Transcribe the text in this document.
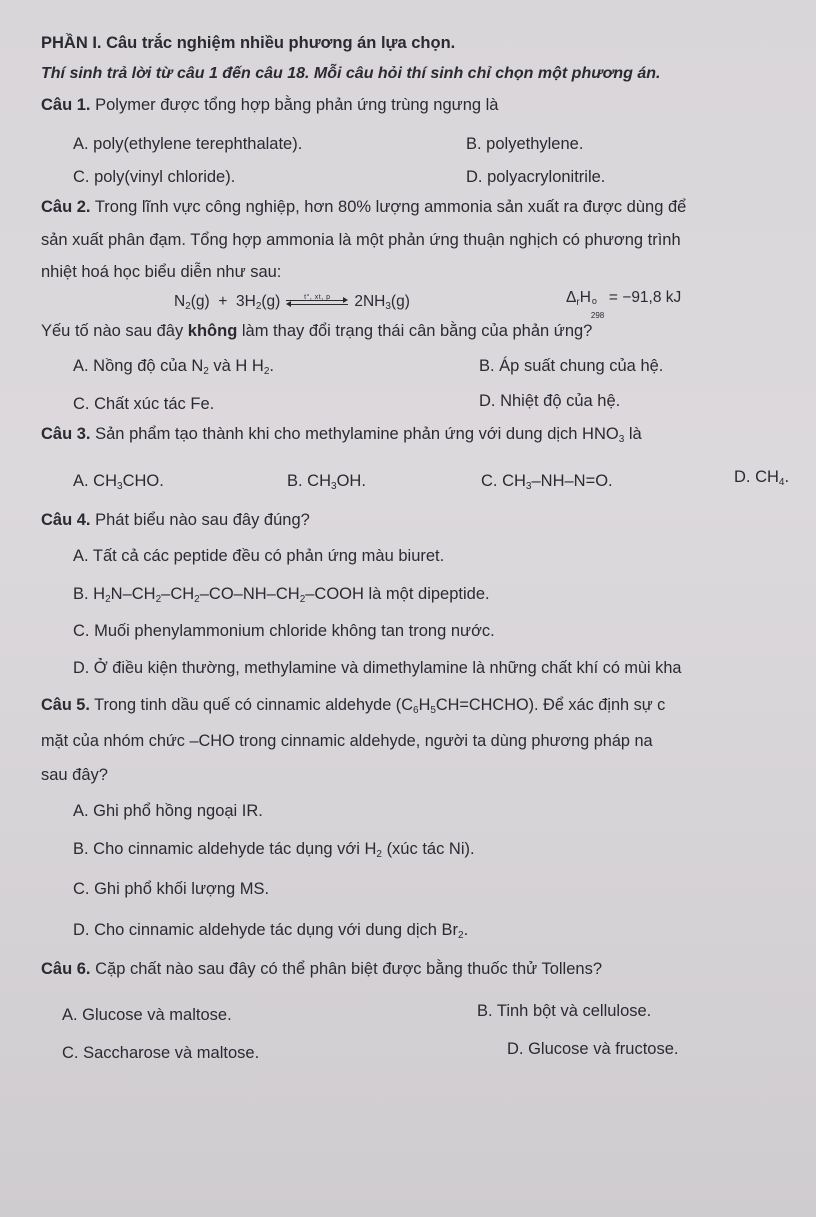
PHẦN I. Câu trắc nghiệm nhiều phương án lựa chọn.
Thí sinh trả lời từ câu 1 đến câu 18. Mỗi câu hỏi thí sinh chỉ chọn một phương án.
Câu 1. Polymer được tổng hợp bằng phản ứng trùng ngưng là
A. poly(ethylene terephthalate).	B. polyethylene.
C. poly(vinyl chloride).	D. polyacrylonitrile.
Câu 2. Trong lĩnh vực công nghiệp, hơn 80% lượng ammonia sản xuất ra được dùng để
sản xuất phân đạm. Tổng hợp ammonia là một phản ứng thuận nghịch có phương trình
nhiệt hoá học biểu diễn như sau:
$N_2(g) + 3H_2(g)$	t°, xt, p	$2NH_3(g)$	$\Delta_rH$ o
298
= −91,8 kJ
Yếu tố nào sau đây không làm thay đổi trạng thái cân bằng của phản ứng?
A. Nồng độ của $N_2$ và H $H_2$.	B. Áp suất chung của hệ.
C. Chất xúc tác Fe.	D. Nhiệt độ của hệ.
Câu 3. Sản phẩm tạo thành khi cho methylamine phản ứng với dung dịch $HNO_3$ là
A. $CH_3CHO$.	B. $CH_3OH$.	C. $CH_3-NH-N=O$.	D. $CH_4$.
Câu 4. Phát biểu nào sau đây đúng?
A. Tất cả các peptide đều có phản ứng màu biuret.
B. $H_2N-CH_2-CH_2-CO-NH-CH_2$–COOH là một dipeptide.
C. Muối phenylammonium chloride không tan trong nước.
D. Ở điều kiện thường, methylamine và dimethylamine là những chất khí có mùi kha
Câu 5. Trong tinh dầu quế có cinnamic aldehyde $(C_6H_5CH=CHCHO)$. Để xác định sự c
mặt của nhóm chức –CHO trong cinnamic aldehyde, người ta dùng phương pháp na
sau đây?
A. Ghi phổ hồng ngoại IR.
B. Cho cinnamic aldehyde tác dụng với $H_2$ (xúc tác Ni).
C. Ghi phổ khối lượng MS.
D. Cho cinnamic aldehyde tác dụng với dung dịch $Br_2$.
Câu 6. Cặp chất nào sau đây có thể phân biệt được bằng thuốc thử Tollens?
A. Glucose và maltose.	B. Tinh bột và cellulose.
C. Saccharose và maltose.	D. Glucose và fructose.
